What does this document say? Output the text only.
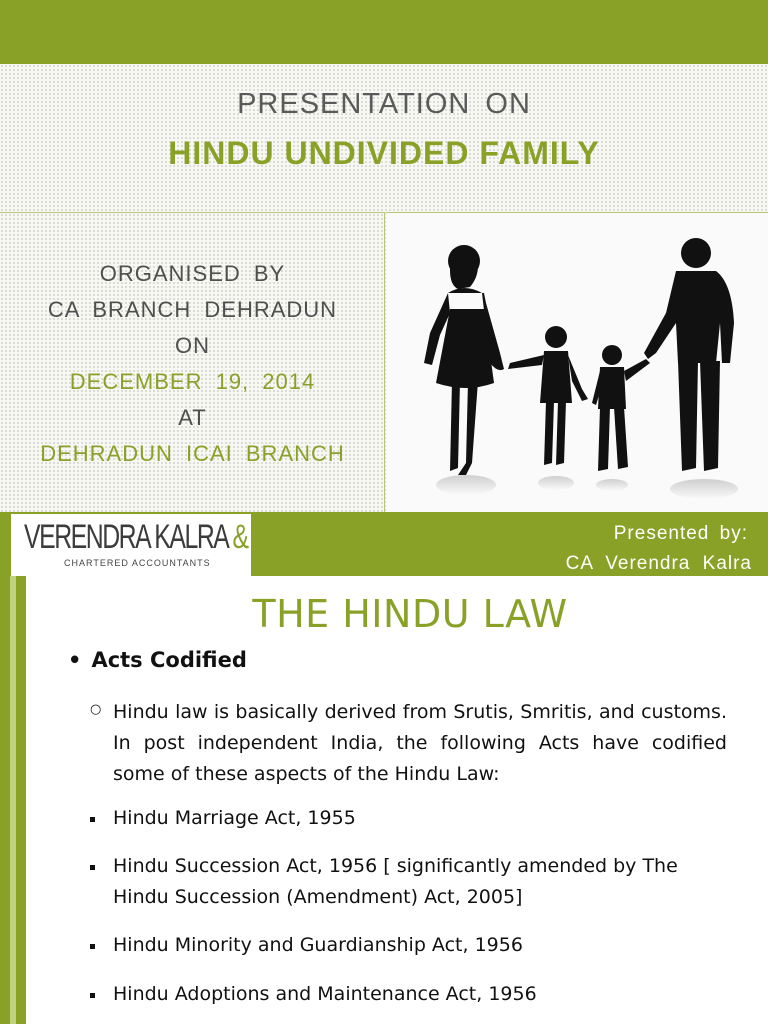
PRESENTATION ON
HINDU UNDIVIDED FAMILY
ORGANISED BY
CA BRANCH DEHRADUN
ON
DECEMBER 19, 2014
AT
DEHRADUN ICAI BRANCH
VERENDRA KALRA & CO
CHARTERED ACCOUNTANTS
Presented by:
CA Verendra Kalra
THE HINDU LAW
• Acts Codified
○ Hindu law is basically derived from Srutis, Smritis, and customs. In post independent India, the following Acts have codified some of these aspects of the Hindu Law:
Hindu Marriage Act, 1955
Hindu Succession Act, 1956 [ significantly amended by The Hindu Succession (Amendment) Act, 2005]
Hindu Minority and Guardianship Act, 1956
Hindu Adoptions and Maintenance Act, 1956
